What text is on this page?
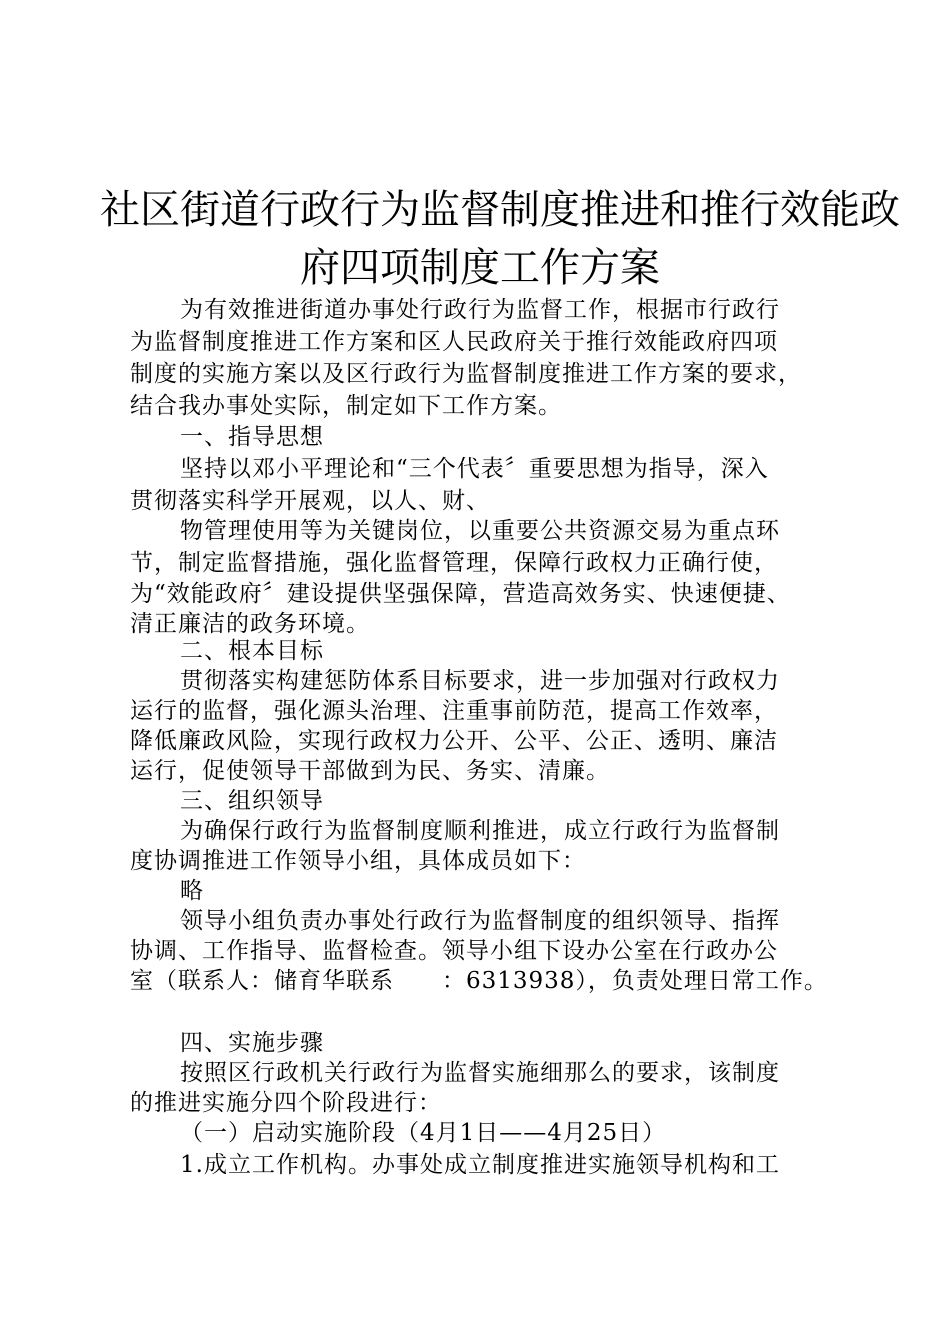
社区街道行政行为监督制度推进和推行效能政
府四项制度工作方案
为有效推进街道办事处行政行为监督工作，根据市行政行
为监督制度推进工作方案和区人民政府关于推行效能政府四项
制度的实施方案以及区行政行为监督制度推进工作方案的要求，
结合我办事处实际，制定如下工作方案。
一、指导思想
坚持以邓小平理论和“三个代表〞重要思想为指导，深入
贯彻落实科学开展观，以人、财、
物管理使用等为关键岗位，以重要公共资源交易为重点环
节，制定监督措施，强化监督管理，保障行政权力正确行使，
为“效能政府〞建设提供坚强保障，营造高效务实、快速便捷、
清正廉洁的政务环境。
二、根本目标
贯彻落实构建惩防体系目标要求，进一步加强对行政权力
运行的监督，强化源头治理、注重事前防范，提高工作效率，
降低廉政风险，实现行政权力公开、公平、公正、透明、廉洁
运行，促使领导干部做到为民、务实、清廉。
三、组织领导
为确保行政行为监督制度顺利推进，成立行政行为监督制
度协调推进工作领导小组，具体成员如下：
略
领导小组负责办事处行政行为监督制度的组织领导、指挥
协调、工作指导、监督检查。领导小组下设办公室在行政办公
室（联系人：储育华联系　　：6313938），负责处理日常工作。
四、实施步骤
按照区行政机关行政行为监督实施细那么的要求，该制度
的推进实施分四个阶段进行：
（一）启动实施阶段（4月1日——4月25日）
1.成立工作机构。办事处成立制度推进实施领导机构和工
